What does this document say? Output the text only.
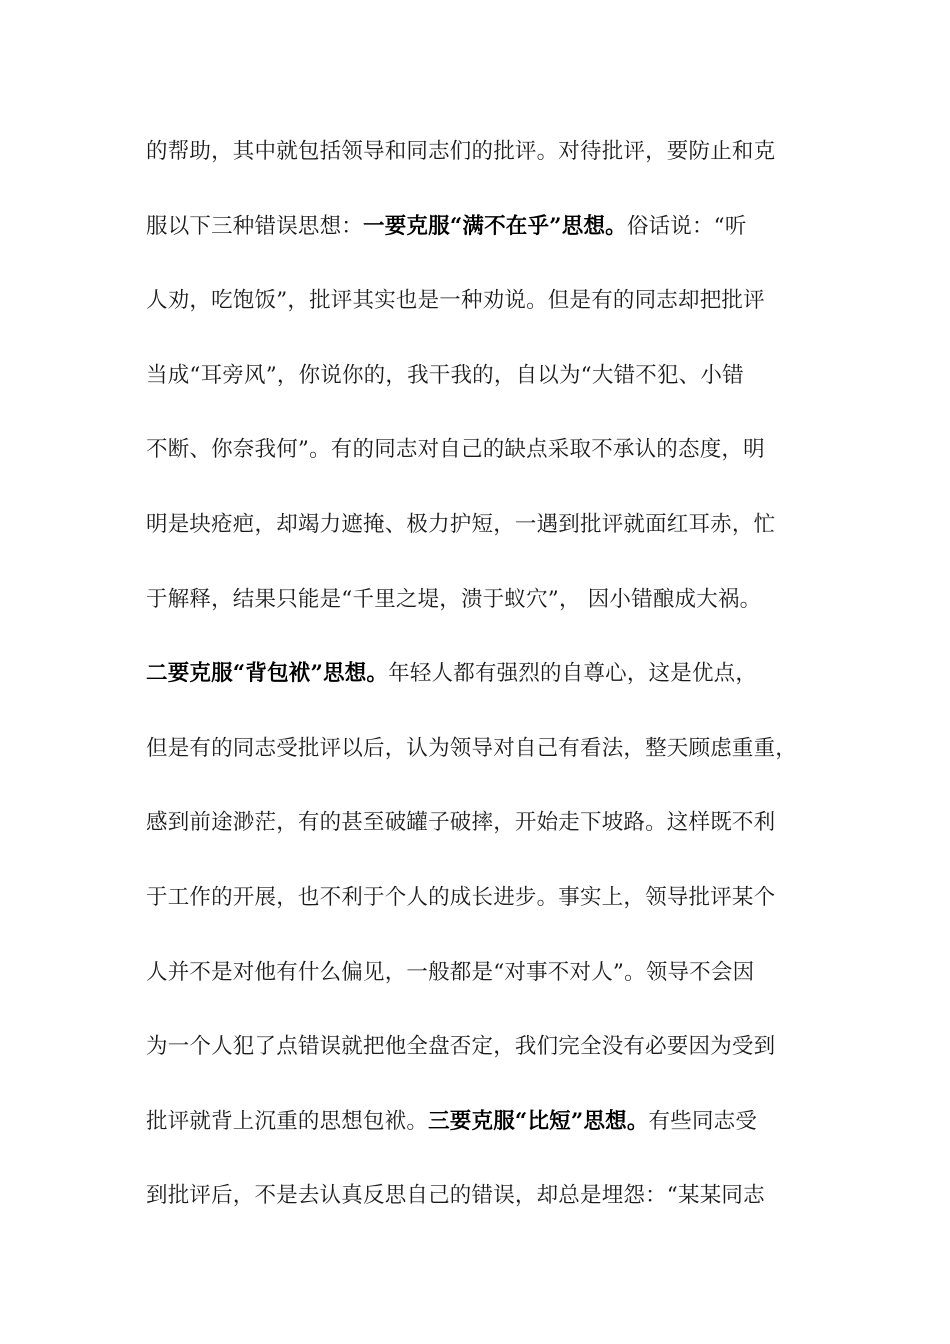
的帮助，其中就包括领导和同志们的批评。对待批评，要防止和克
服以下三种错误思想：一要克服“满不在乎”思想。俗话说：“听
人劝，吃饱饭”，批评其实也是一种劝说。但是有的同志却把批评
当成“耳旁风”，你说你的，我干我的，自以为“大错不犯、小错
不断、你奈我何”。有的同志对自己的缺点采取不承认的态度，明
明是块疮疤，却竭力遮掩、极力护短，一遇到批评就面红耳赤，忙
于解释，结果只能是“千里之堤，溃于蚁穴”， 因小错酿成大祸。
二要克服“背包袱”思想。年轻人都有强烈的自尊心，这是优点，
但是有的同志受批评以后，认为领导对自己有看法，整天顾虑重重，
感到前途渺茫，有的甚至破罐子破摔，开始走下坡路。这样既不利
于工作的开展，也不利于个人的成长进步。事实上，领导批评某个
人并不是对他有什么偏见，一般都是“对事不对人”。领导不会因
为一个人犯了点错误就把他全盘否定，我们完全没有必要因为受到
批评就背上沉重的思想包袱。三要克服“比短”思想。有些同志受
到批评后，不是去认真反思自己的错误，却总是埋怨：“某某同志
